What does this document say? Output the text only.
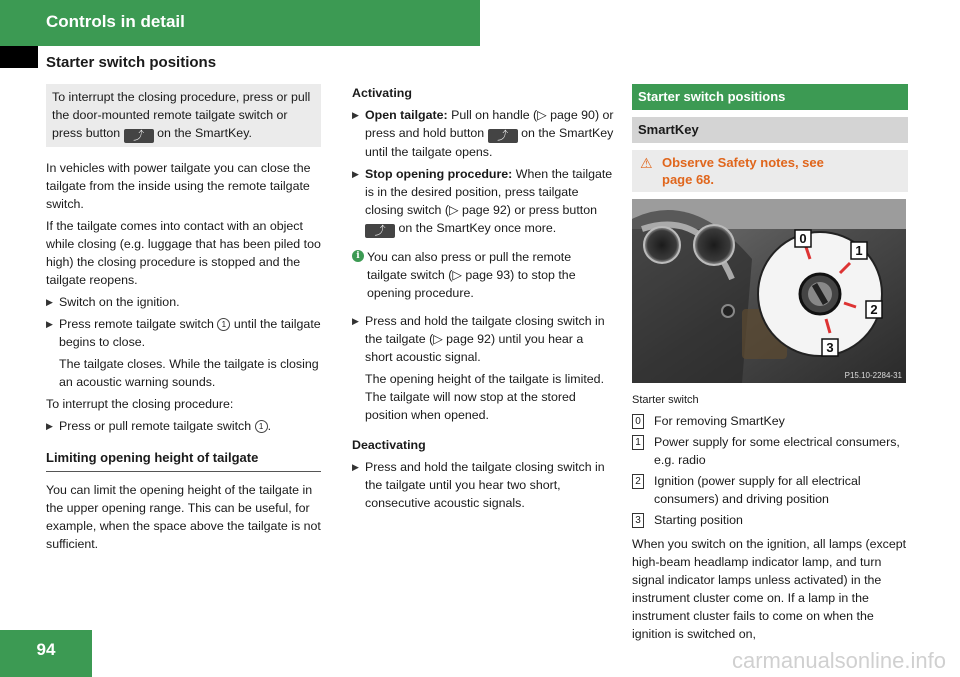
Controls in detail
Starter switch positions
To interrupt the closing procedure, press or pull the door-mounted remote tailgate switch or press button ⤴ on the SmartKey.

In vehicles with power tailgate you can close the tailgate from the inside using the remote tailgate switch.

If the tailgate comes into contact with an object while closing (e.g. luggage that has been piled too high) the closing procedure is stopped and the tailgate reopens.

▶ Switch on the ignition.
▶ Press remote tailgate switch 1 until the tailgate begins to close.

The tailgate closes. While the tailgate is closing an acoustic warning sounds.

To interrupt the closing procedure:

▶ Press or pull remote tailgate switch 1 .
Limiting opening height of tailgate

You can limit the opening height of the tailgate in the upper opening range. This can be useful, for example, when the space above the tailgate is not sufficient.

Activating

▶ Open tailgate: Pull on handle (▷ page 90) or press and hold button ⤴ on the SmartKey until the tailgate opens.
▶ Stop opening procedure: When the tailgate is in the desired position, press tailgate closing switch (▷ page 92) or press button ⤴ on the SmartKey once more.
i You can also press or pull the remote tailgate switch (▷ page 93) to stop the opening procedure.
▶ Press and hold the tailgate closing switch in the tailgate (▷ page 92) until you hear a short acoustic signal.

The opening height of the tailgate is limited. The tailgate will now stop at the stored position when opened.

Deactivating

▶ Press and hold the tailgate closing switch in the tailgate until you hear two short, consecutive acoustic signals.
Starter switch positions
SmartKey
⚠ Observe Safety notes, see
page 68.
0
1
2
3
P15.10-2284-31
Starter switch
0 For removing SmartKey
1 Power supply for some electrical consumers, e.g. radio
2 Ignition (power supply for all electrical consumers) and driving position
3 Starting position

When you switch on the ignition, all lamps (except high-beam headlamp indicator lamp, and turn signal indicator lamps unless activated) in the instrument cluster come on. If a lamp in the instrument cluster fails to come on when the ignition is switched on,

94	carmanualsonline.info
